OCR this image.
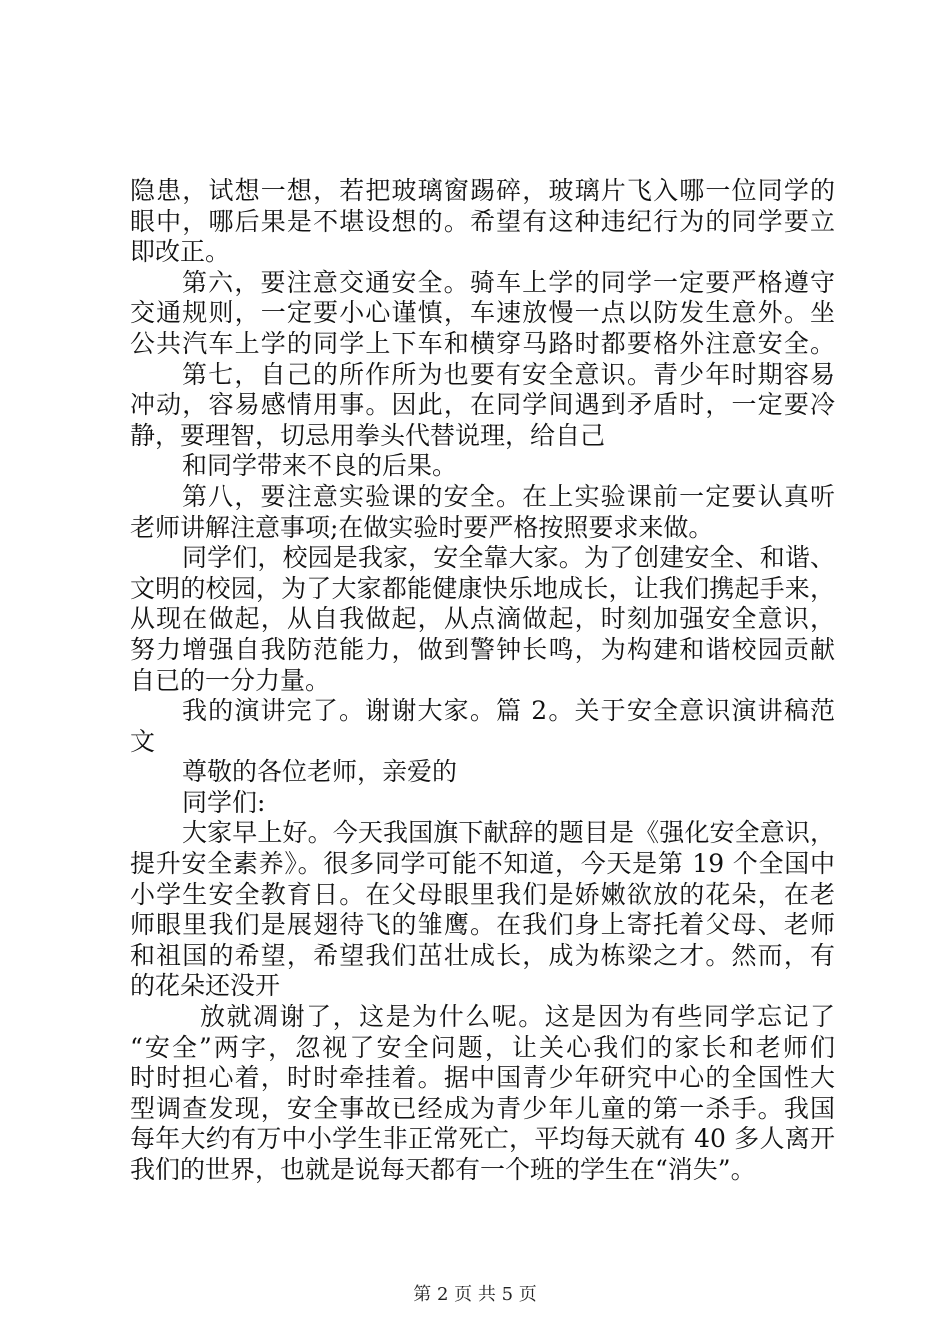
隐患，试想一想，若把玻璃窗踢碎，玻璃片飞入哪一位同学的
眼中，哪后果是不堪设想的。希望有这种违纪行为的同学要立
即改正。
第六，要注意交通安全。骑车上学的同学一定要严格遵守
交通规则，一定要小心谨慎，车速放慢一点以防发生意外。坐
公共汽车上学的同学上下车和横穿马路时都要格外注意安全。
第七，自己的所作所为也要有安全意识。青少年时期容易
冲动，容易感情用事。因此，在同学间遇到矛盾时，一定要冷
静，要理智，切忌用拳头代替说理，给自己
和同学带来不良的后果。
第八，要注意实验课的安全。在上实验课前一定要认真听
老师讲解注意事项;在做实验时要严格按照要求来做。
同学们，校园是我家，安全靠大家。为了创建安全、和谐、
文明的校园，为了大家都能健康快乐地成长，让我们携起手来，
从现在做起，从自我做起，从点滴做起，时刻加强安全意识，
努力增强自我防范能力，做到警钟长鸣，为构建和谐校园贡献
自已的一分力量。
我的演讲完了。谢谢大家。篇 2。关于安全意识演讲稿范
文
尊敬的各位老师，亲爱的
同学们:
大家早上好。今天我国旗下献辞的题目是《强化安全意识，
提升安全素养》。很多同学可能不知道，今天是第 19 个全国中
小学生安全教育日。在父母眼里我们是娇嫩欲放的花朵，在老
师眼里我们是展翅待飞的雏鹰。在我们身上寄托着父母、老师
和祖国的希望，希望我们茁壮成长，成为栋梁之才。然而，有
的花朵还没开
放就凋谢了，这是为什么呢。这是因为有些同学忘记了
“安全”两字，忽视了安全问题，让关心我们的家长和老师们
时时担心着，时时牵挂着。据中国青少年研究中心的全国性大
型调查发现，安全事故已经成为青少年儿童的第一杀手。我国
每年大约有万中小学生非正常死亡，平均每天就有 40 多人离开
我们的世界，也就是说每天都有一个班的学生在“消失”。
第 2 页 共 5 页
